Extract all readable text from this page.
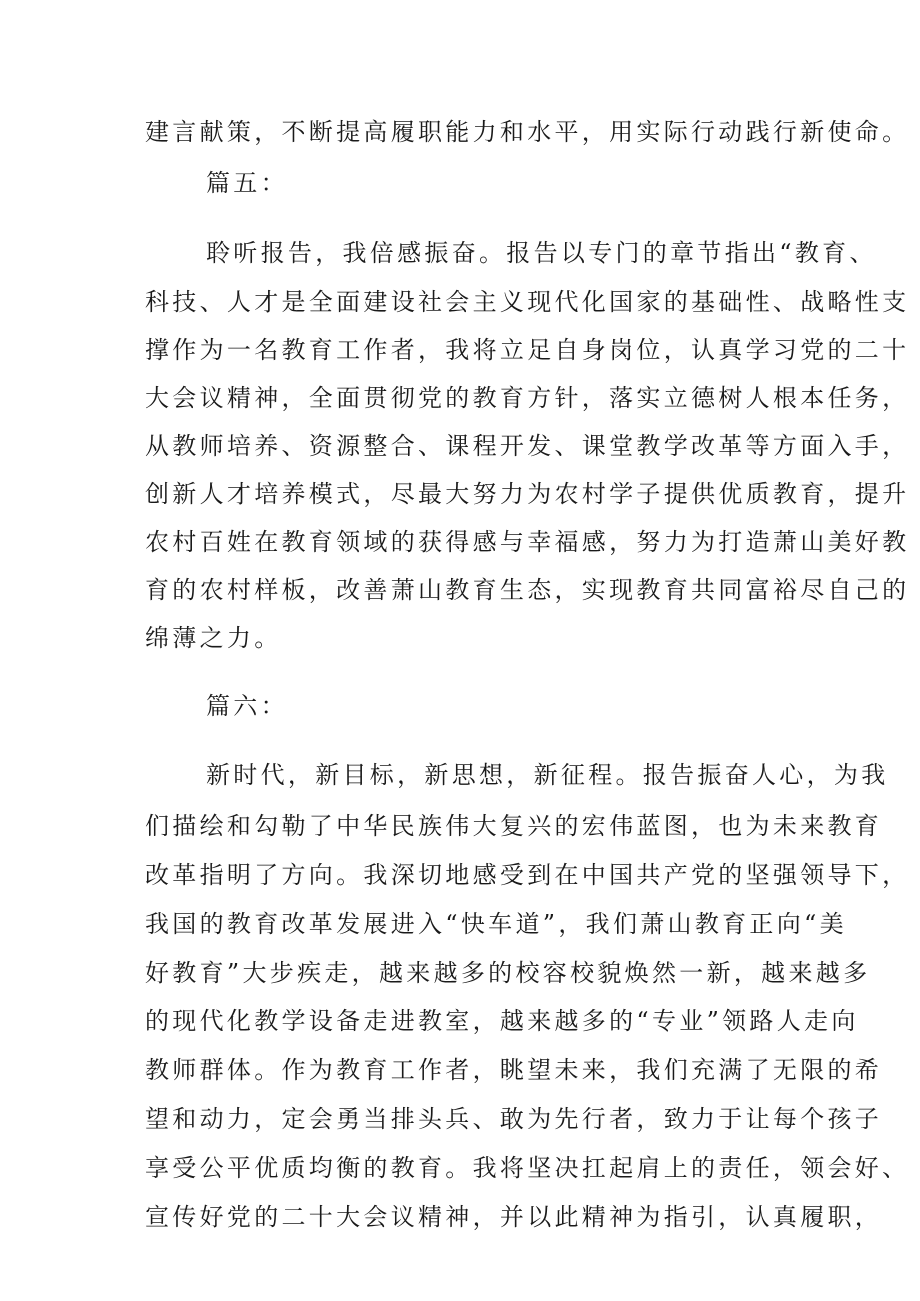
建言献策，不断提高履职能力和水平，用实际行动践行新使命。
篇五：
聆听报告，我倍感振奋。报告以专门的章节指出“教育、
科技、人才是全面建设社会主义现代化国家的基础性、战略性支
撑作为一名教育工作者，我将立足自身岗位，认真学习党的二十
大会议精神，全面贯彻党的教育方针，落实立德树人根本任务，
从教师培养、资源整合、课程开发、课堂教学改革等方面入手，
创新人才培养模式，尽最大努力为农村学子提供优质教育，提升
农村百姓在教育领域的获得感与幸福感，努力为打造萧山美好教
育的农村样板，改善萧山教育生态，实现教育共同富裕尽自己的
绵薄之力。
篇六：
新时代，新目标，新思想，新征程。报告振奋人心，为我
们描绘和勾勒了中华民族伟大复兴的宏伟蓝图，也为未来教育
改革指明了方向。我深切地感受到在中国共产党的坚强领导下，
我国的教育改革发展进入“快车道”，我们萧山教育正向“美
好教育”大步疾走，越来越多的校容校貌焕然一新，越来越多
的现代化教学设备走进教室，越来越多的“专业”领路人走向
教师群体。作为教育工作者，眺望未来，我们充满了无限的希
望和动力，定会勇当排头兵、敢为先行者，致力于让每个孩子
享受公平优质均衡的教育。我将坚决扛起肩上的责任，领会好、
宣传好党的二十大会议精神，并以此精神为指引，认真履职，
